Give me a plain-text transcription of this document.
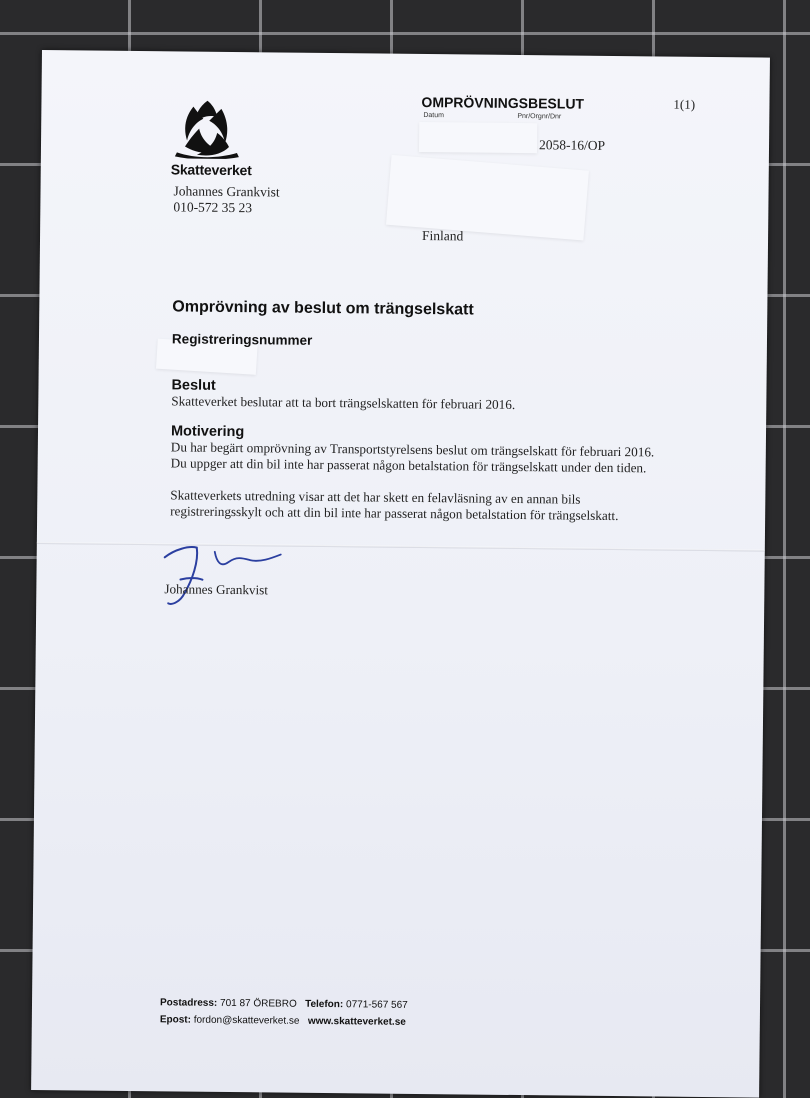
Skatteverket
Johannes Grankvist
010-572 35 23
OMPRÖVNINGSBESLUT	1(1)
Datum	Pnr/Orgnr/Dnr
2058-16/OP
Finland
Omprövning av beslut om trängselskatt
Registreringsnummer
Beslut
Skatteverket beslutar att ta bort trängselskatten för februari 2016.
Motivering
Du har begärt omprövning av Transportstyrelsens beslut om trängselskatt för februari 2016.
Du uppger att din bil inte har passerat någon betalstation för trängselskatt under den tiden.
Skatteverkets utredning visar att det har skett en felavläsning av en annan bils
registreringsskylt och att din bil inte har passerat någon betalstation för trängselskatt.
Johannes Grankvist
Postadress: 701 87 ÖREBRO Telefon: 0771-567 567
Epost: fordon@skatteverket.se www.skatteverket.se
